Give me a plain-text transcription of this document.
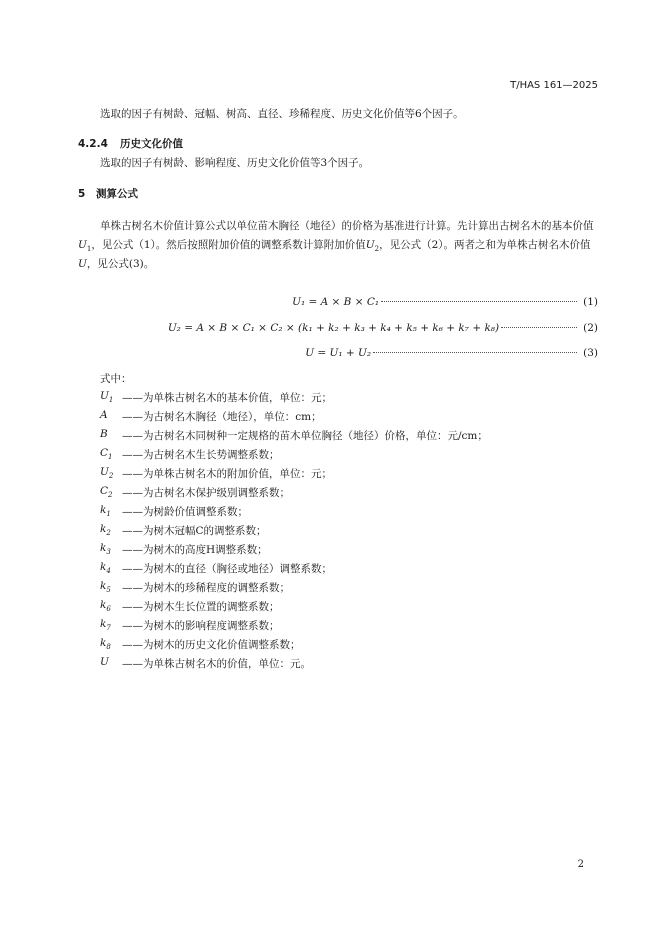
T/HAS 161—2025
选取的因子有树龄、冠幅、树高、直径、珍稀程度、历史文化价值等6个因子。
4.2.4 历史文化价值
选取的因子有树龄、影响程度、历史文化价值等3个因子。
5 测算公式
单株古树名木价值计算公式以单位苗木胸径（地径）的价格为基准进行计算。先计算出古树名木的基本价值$U_1$，见公式（1）。然后按照附加价值的调整系数计算附加价值$U_2$，见公式（2）。两者之和为单株古树名木价值U，见公式(3)。
U₁ = A × B × C₁	(1)
U₂ = A × B × C₁ × C₂ × (k₁ + k₂ + k₃ + k₄ + k₅ + k₆ + k₇ + k₈)	(2)
U = U₁ + U₂	(3)
式中：
$U_1$ ——为单株古树名木的基本价值，单位：元；
A	——为古树名木胸径（地径），单位：cm；
B	——为古树名木同树种一定规格的苗木单位胸径（地径）价格，单位：元/cm；
$C_1$ ——为古树名木生长势调整系数；
$U_2$ ——为单株古树名木的附加价值，单位：元；
$C_2$ ——为古树名木保护级别调整系数；
$k_1$	——为树龄价值调整系数；
$k_2$	——为树木冠幅C的调整系数；
$k_3$	——为树木的高度H调整系数；
$k_4$	——为树木的直径（胸径或地径）调整系数；
$k_5$	——为树木的珍稀程度的调整系数；
$k_6$	——为树木生长位置的调整系数；
$k_7$	——为树木的影响程度调整系数；
$k_8$	——为树木的历史文化价值调整系数；
U	——为单株古树名木的价值，单位：元。
2
